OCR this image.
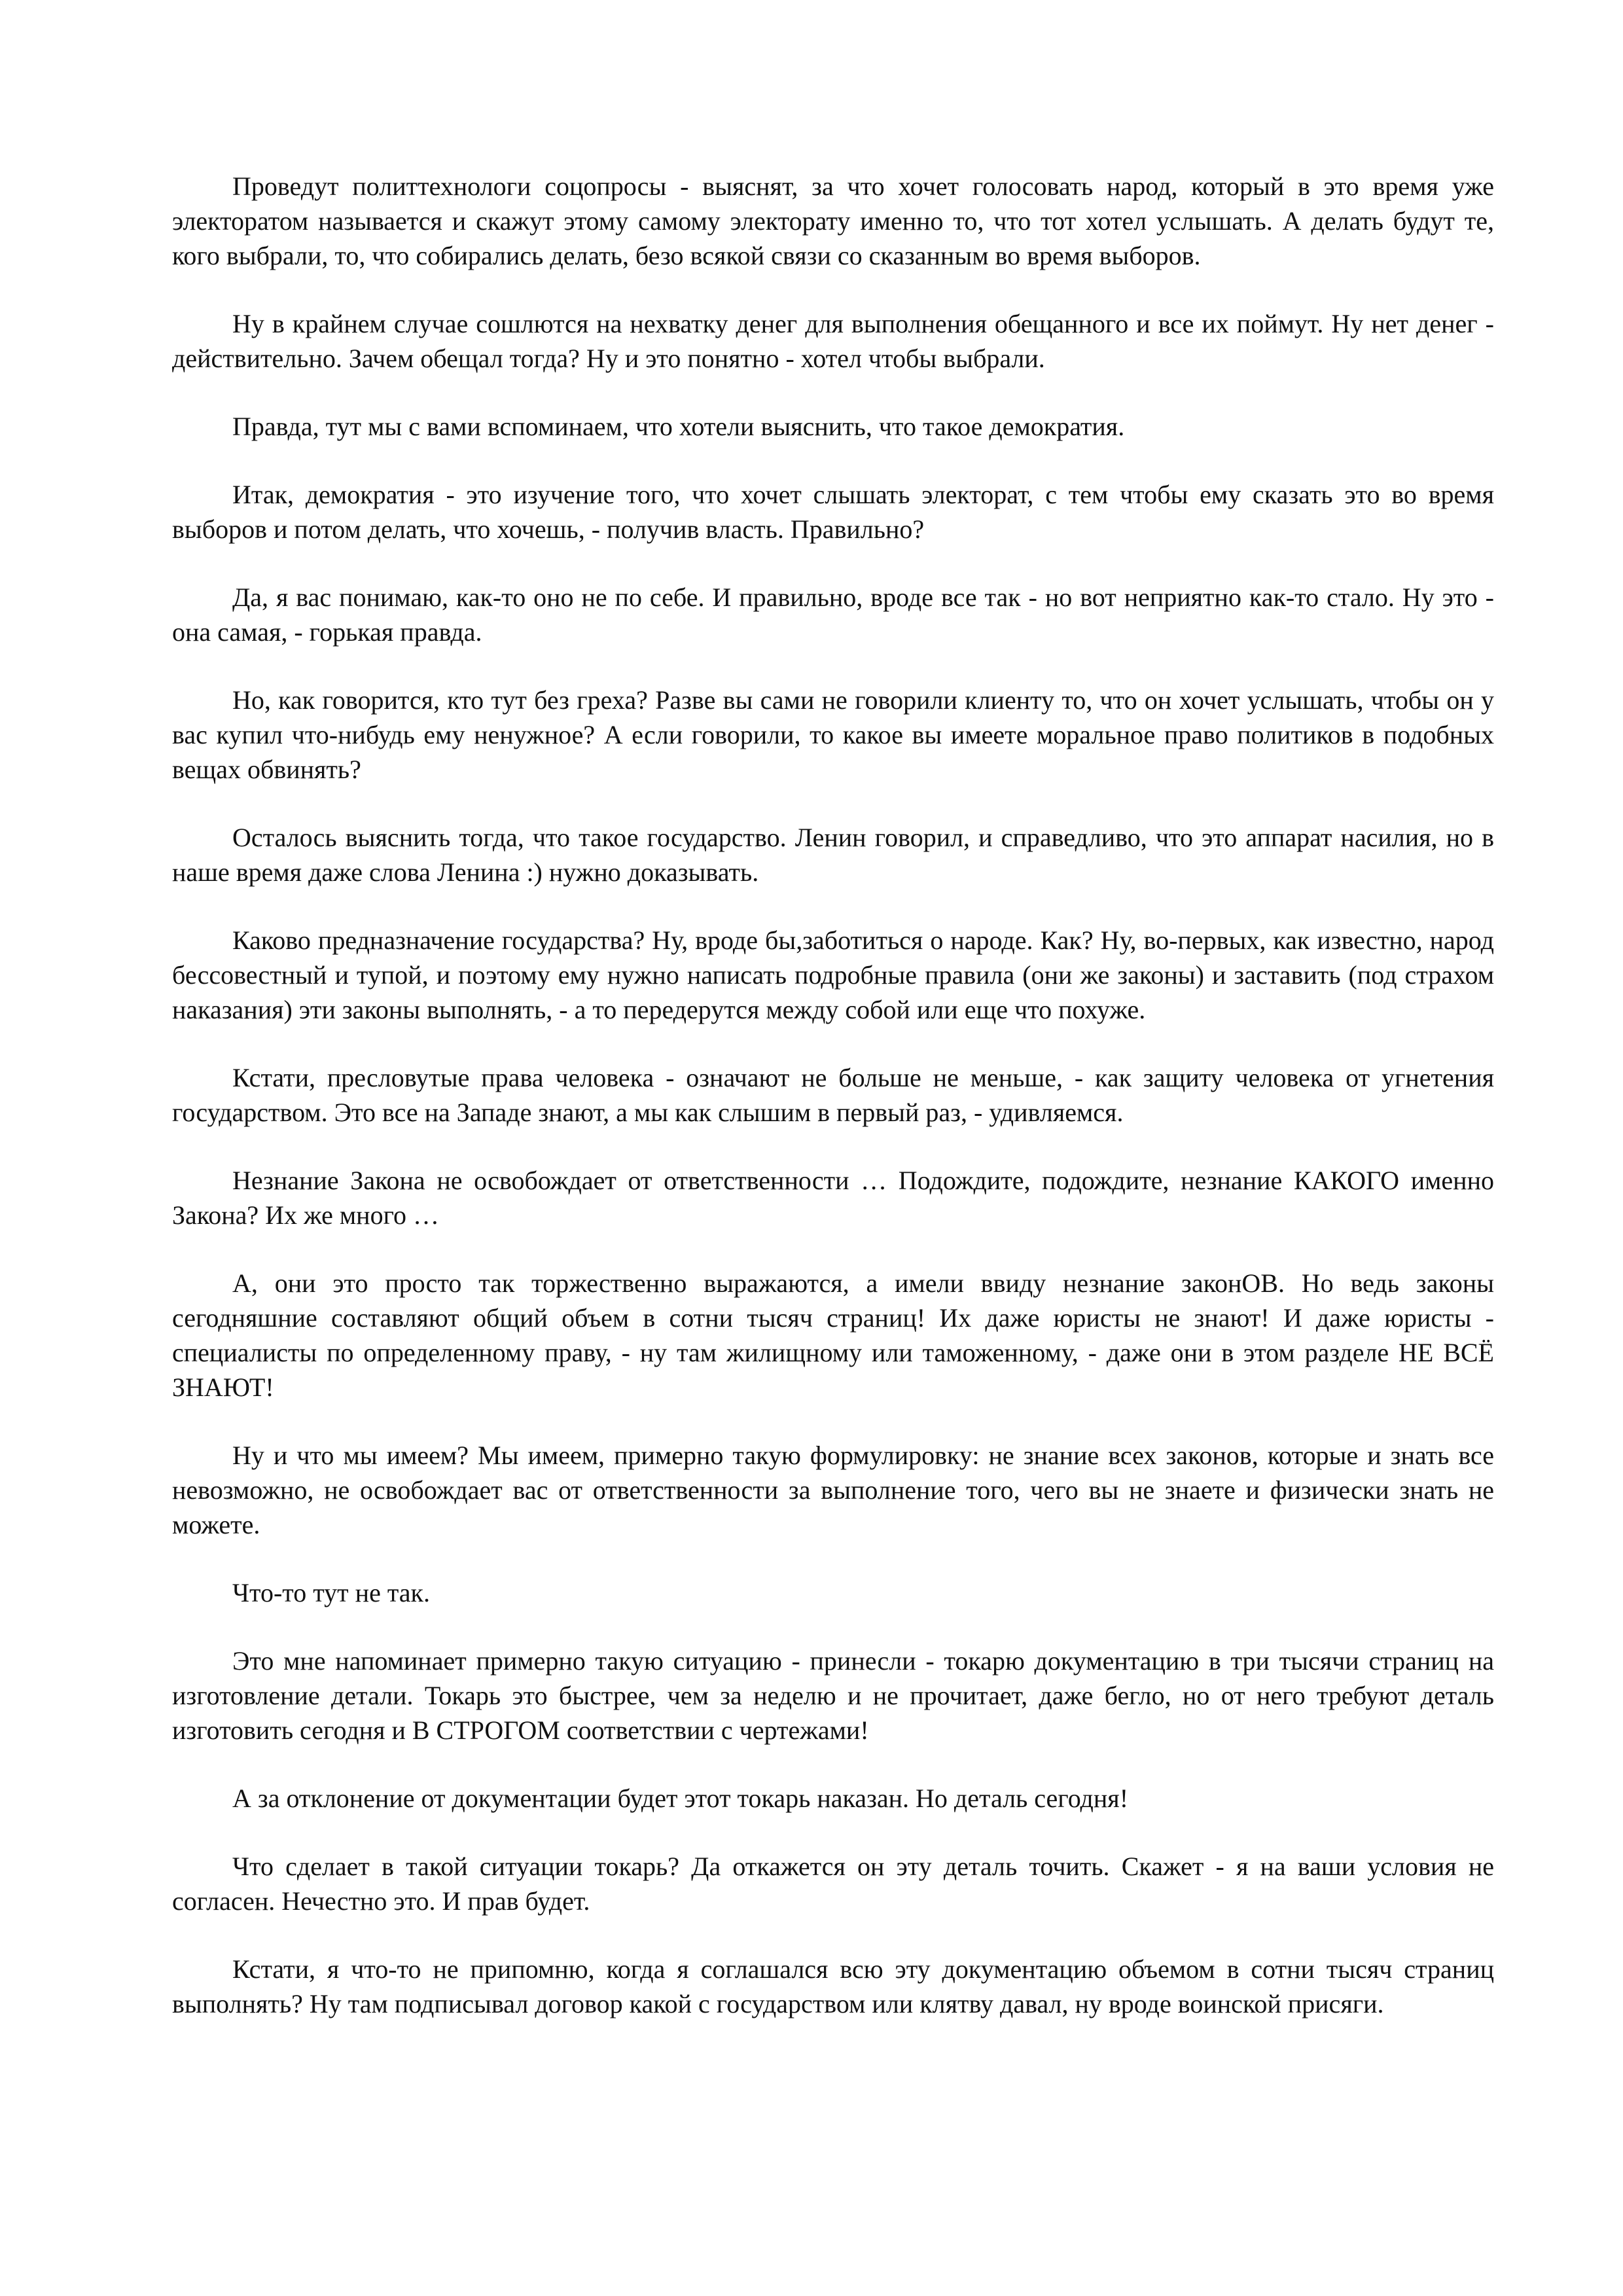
Проведут политтехнологи соцопросы - выяснят, за что хочет голосовать народ, который в это время уже электоратом называется и скажут этому самому электорату именно то, что тот хотел услышать. А делать будут те, кого выбрали, то, что собирались делать, безо всякой связи со сказанным во время выборов.

Ну в крайнем случае сошлются на нехватку денег для выполнения обещанного и все их поймут. Ну нет денег - действительно. Зачем обещал тогда? Ну и это понятно - хотел чтобы выбрали.

Правда, тут мы с вами вспоминаем, что хотели выяснить, что такое демократия.

Итак, демократия - это изучение того, что хочет слышать электорат, с тем чтобы ему сказать это во время выборов и потом делать, что хочешь, - получив власть. Правильно?

Да, я вас понимаю, как-то оно не по себе. И правильно, вроде все так - но вот неприятно как-то стало. Ну это - она самая, - горькая правда.

Но, как говорится, кто тут без греха? Разве вы сами не говорили клиенту то, что он хочет услышать, чтобы он у вас купил что-нибудь ему ненужное? А если говорили, то какое вы имеете моральное право политиков в подобных вещах обвинять?

Осталось выяснить тогда, что такое государство. Ленин говорил, и справедливо, что это аппарат насилия, но в наше время даже слова Ленина :) нужно доказывать.

Каково предназначение государства? Ну, вроде бы,заботиться о народе. Как? Ну, во-первых, как известно, народ бессовестный и тупой, и поэтому ему нужно написать подробные правила (они же законы) и заставить (под страхом наказания) эти законы выполнять, - а то передерутся между собой или еще что похуже.

Кстати, пресловутые права человека - означают не больше не меньше, - как защиту человека от угнетения государством. Это все на Западе знают, а мы как слышим в первый раз, - удивляемся.

Незнание Закона не освобождает от ответственности … Подождите, подождите, незнание КАКОГО именно Закона? Их же много …

А, они это просто так торжественно выражаются, а имели ввиду незнание законОВ. Но ведь законы сегодняшние составляют общий объем в сотни тысяч страниц! Их даже юристы не знают! И даже юристы - специалисты по определенному праву, - ну там жилищному или таможенному, - даже они в этом разделе НЕ ВСЁ ЗНАЮТ!

Ну и что мы имеем? Мы имеем, примерно такую формулировку: не знание всех законов, которые и знать все невозможно, не освобождает вас от ответственности за выполнение того, чего вы не знаете и физически знать не можете.

Что-то тут не так.

Это мне напоминает примерно такую ситуацию - принесли - токарю документацию в три тысячи страниц на изготовление детали. Токарь это быстрее, чем за неделю и не прочитает, даже бегло, но от него требуют деталь изготовить сегодня и В СТРОГОМ соответствии с чертежами!

А за отклонение от документации будет этот токарь наказан. Но деталь сегодня!

Что сделает в такой ситуации токарь? Да откажется он эту деталь точить. Скажет - я на ваши условия не согласен. Нечестно это. И прав будет.

Кстати, я что-то не припомню, когда я соглашался всю эту документацию объемом в сотни тысяч страниц выполнять? Ну там подписывал договор какой с государством или клятву давал, ну вроде воинской присяги.
